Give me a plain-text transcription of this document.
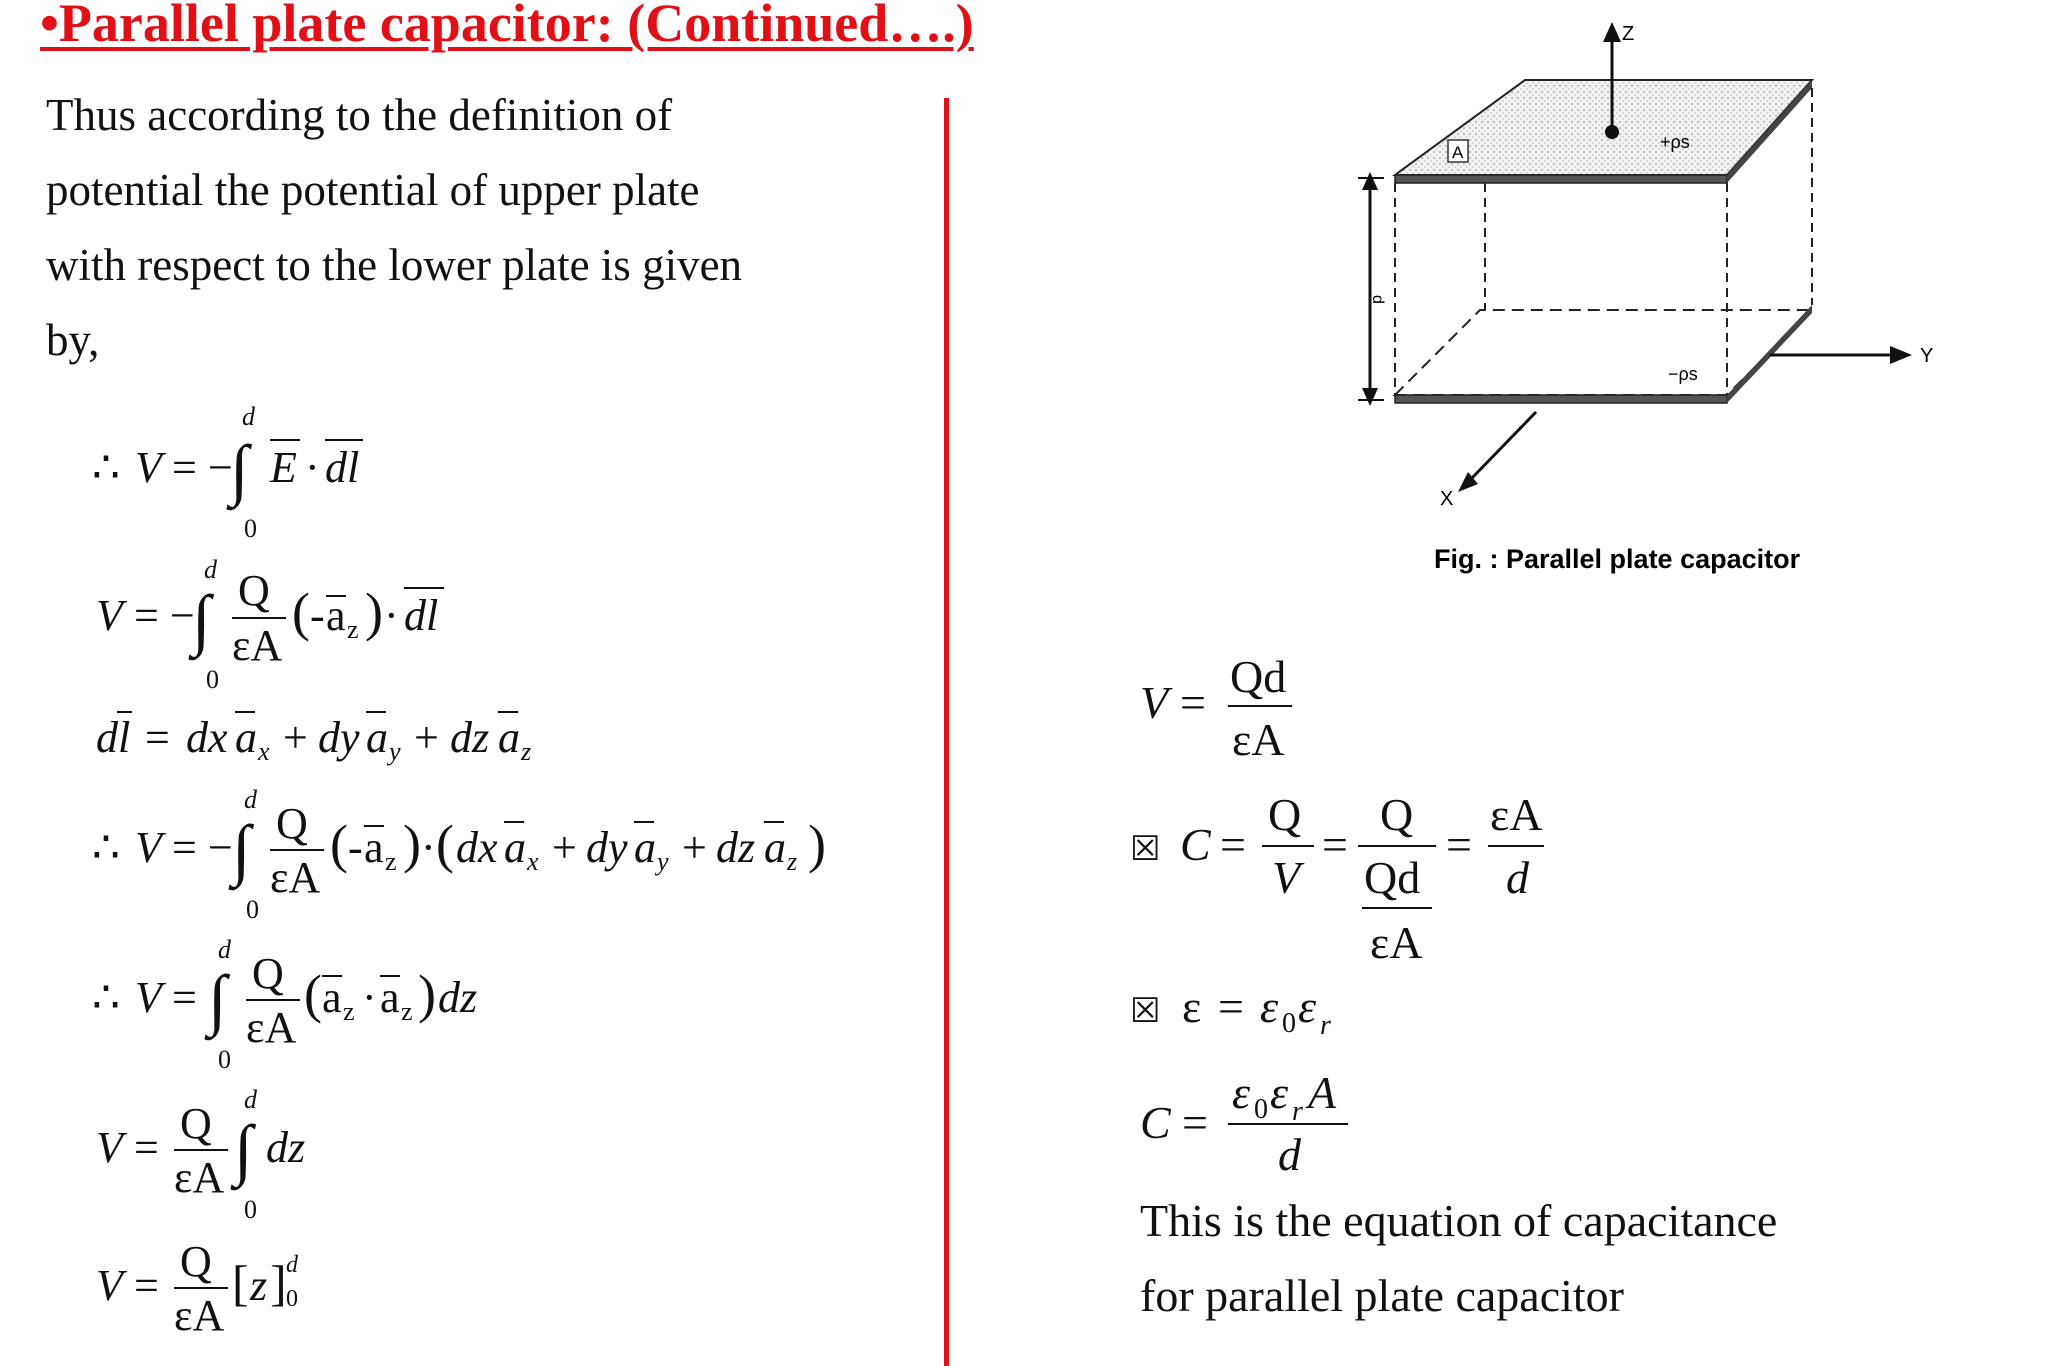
•Parallel plate capacitor: (Continued….)
Thus according to the definition of
potential the potential of upper plate
with respect to the lower plate is given
by,
∴ V = −
∫
d
0
E · dl
V = −
∫
d
0
Q
εA
( - a z ) · dl
dl = dx a x + dy a y + dz a z
∴ V = − ∫
d
0
Q
εA
( - a z ) · ( dx a x + dy a y + dz a z )
∴ V = ∫
d
0
Q
εA
( a z · a z ) dz
V = Q
εA ∫
d
0
dz
V = Q
εA
[ z ] d
0
d
Z
Y
X
A
+ρs
−ρs
Fig. : Parallel plate capacitor
V =
Qd
εA
☒ C =
Q
V
=
Q
Qd
εA
=
εA
d
☒ ε = ε 0 ε r
C =
ε 0 ε r A
d
This is the equation of capacitance
for parallel plate capacitor
